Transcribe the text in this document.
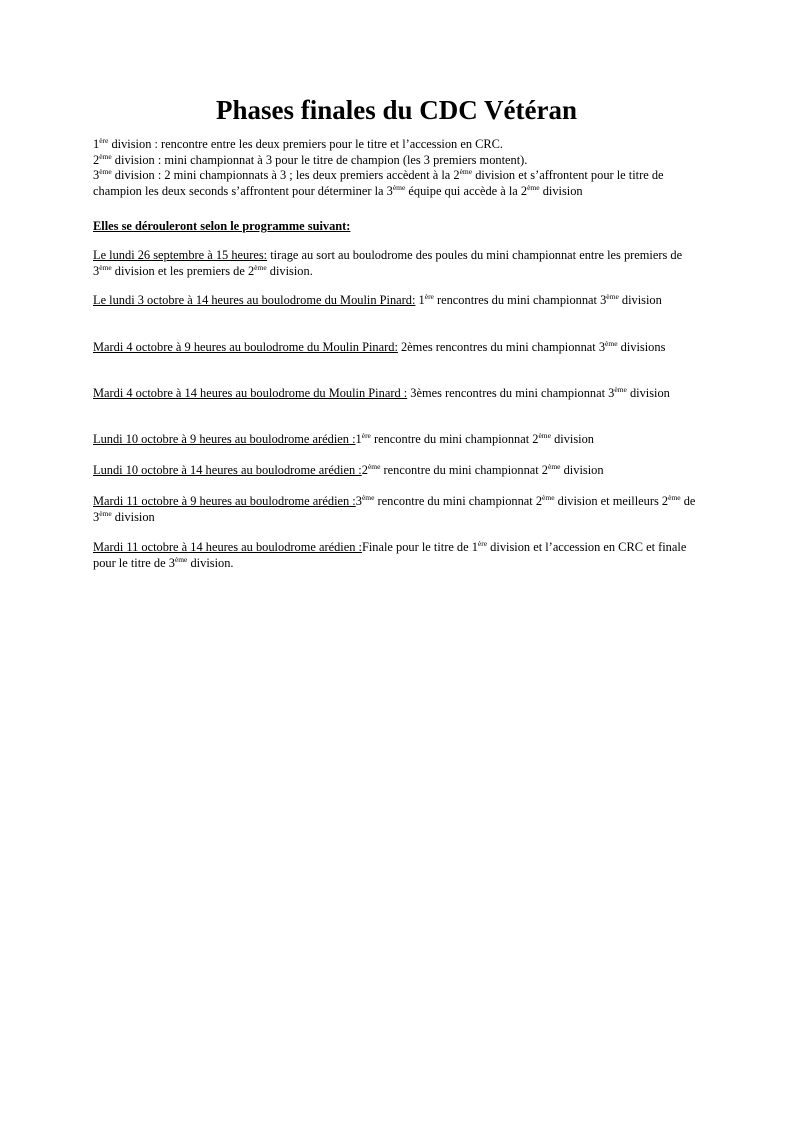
Phases finales du CDC Vétéran

1ère division : rencontre entre les deux premiers pour le titre et l’accession en CRC.

2ème division : mini championnat à 3 pour le titre de champion (les 3 premiers montent).

3ème division : 2 mini championnats à 3 ; les deux premiers accèdent à la 2ème division et s’affrontent pour le titre de champion les deux seconds s’affrontent pour déterminer la 3ème équipe qui accède à la 2ème division

Elles se dérouleront selon le programme suivant:

Le lundi 26 septembre à 15 heures: tirage au sort au boulodrome des poules du mini championnat entre les premiers de 3ème division et les premiers de 2ème division.

Le lundi 3 octobre à 14 heures au boulodrome du Moulin Pinard: 1ère rencontres du mini championnat 3ème division

Mardi 4 octobre à 9 heures au boulodrome du Moulin Pinard: 2èmes rencontres du mini championnat 3ème divisions

Mardi 4 octobre à 14 heures au boulodrome du Moulin Pinard : 3èmes rencontres du mini championnat 3ème division

Lundi 10 octobre à 9 heures au boulodrome arédien :1ère rencontre du mini championnat 2ème division

Lundi 10 octobre à 14 heures au boulodrome arédien :2ème rencontre du mini championnat 2ème division

Mardi 11 octobre à 9 heures au boulodrome arédien :3ème rencontre du mini championnat 2ème division et meilleurs 2ème de 3ème division

Mardi 11 octobre à 14 heures au boulodrome arédien :Finale pour le titre de 1ère division et l’accession en CRC et finale pour le titre de 3ème division.
